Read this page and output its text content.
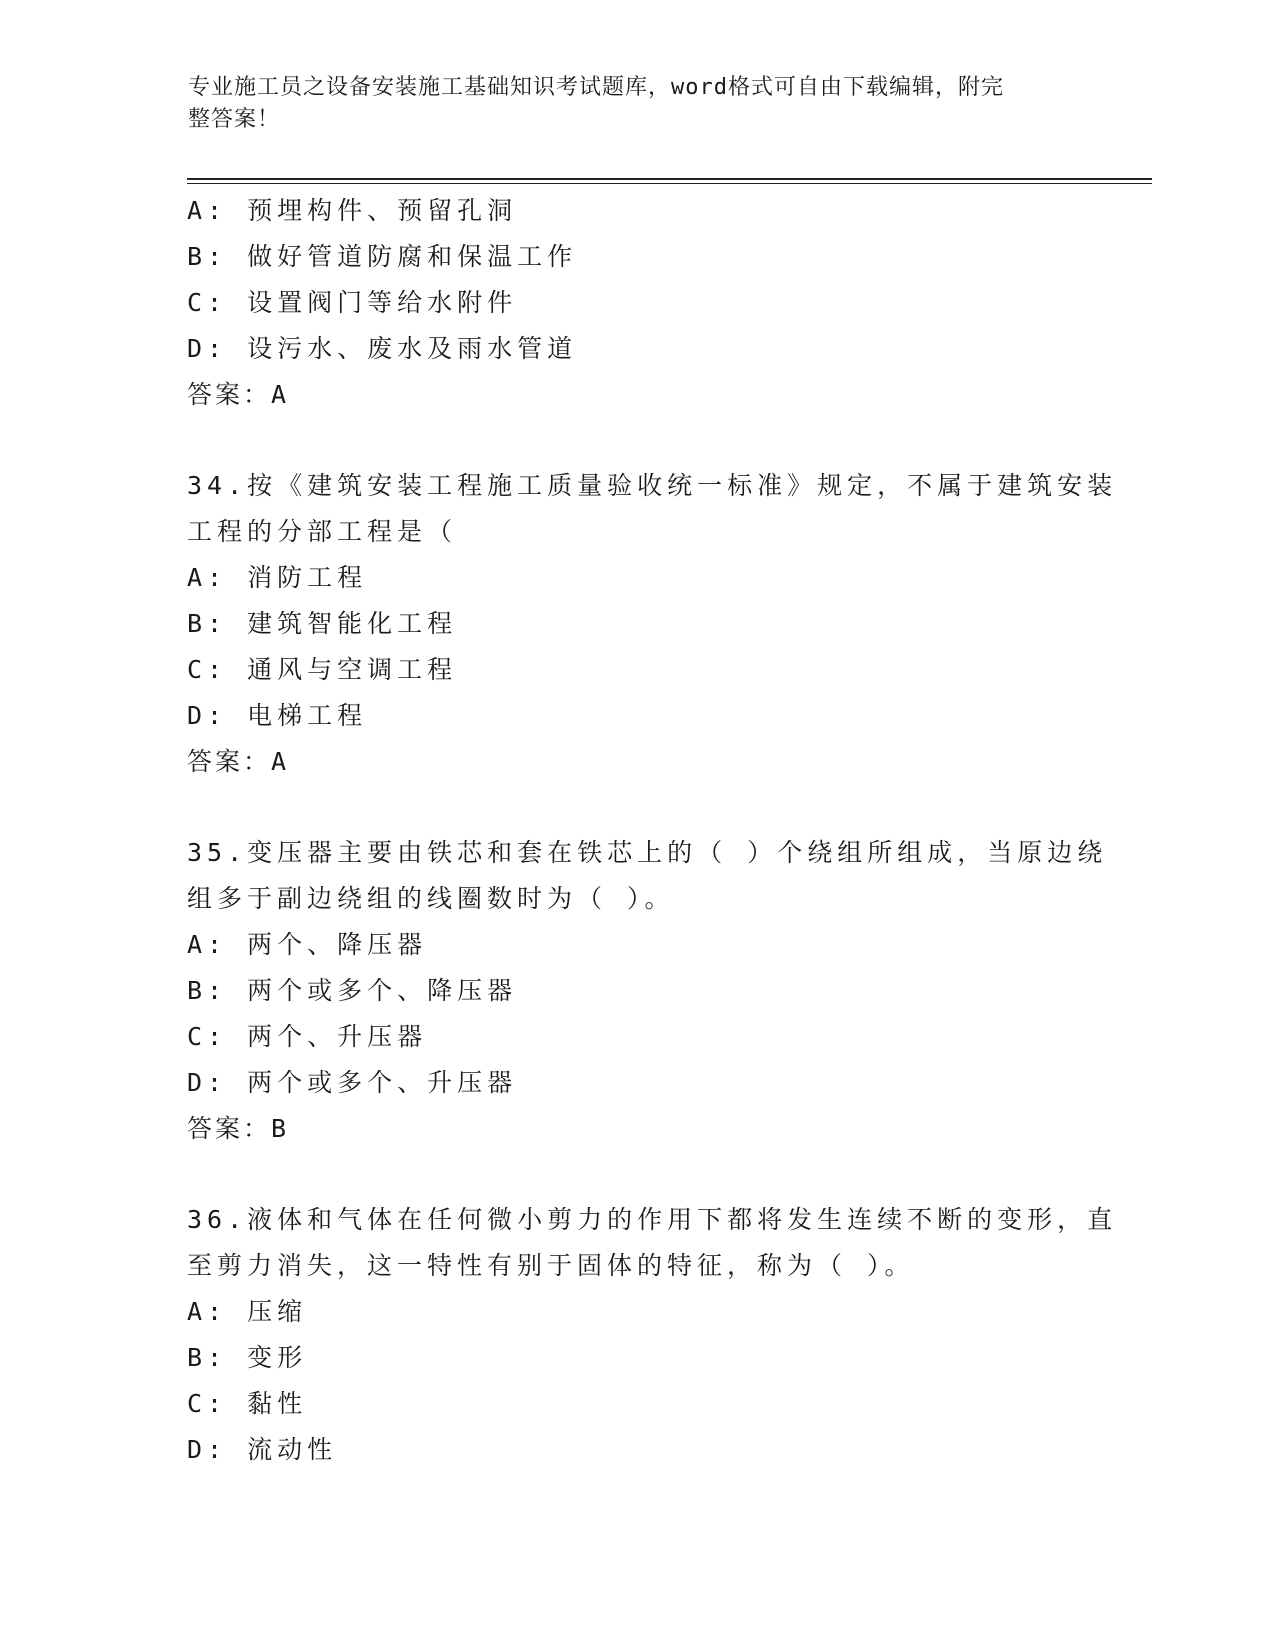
专业施工员之设备安装施工基础知识考试题库，word格式可自由下载编辑，附完
整答案！
A: 预埋构件、预留孔洞
B: 做好管道防腐和保温工作
C: 设置阀门等给水附件
D: 设污水、废水及雨水管道
答案：A
34.按《建筑安装工程施工质量验收统一标准》规定，不属于建筑安装
工程的分部工程是（
A: 消防工程
B: 建筑智能化工程
C: 通风与空调工程
D: 电梯工程
答案：A
35.变压器主要由铁芯和套在铁芯上的（ ）个绕组所组成，当原边绕
组多于副边绕组的线圈数时为（ ）。
A: 两个、降压器
B: 两个或多个、降压器
C: 两个、升压器
D: 两个或多个、升压器
答案：B
36.液体和气体在任何微小剪力的作用下都将发生连续不断的变形，直
至剪力消失，这一特性有别于固体的特征，称为（ ）。
A: 压缩
B: 变形
C: 黏性
D: 流动性
